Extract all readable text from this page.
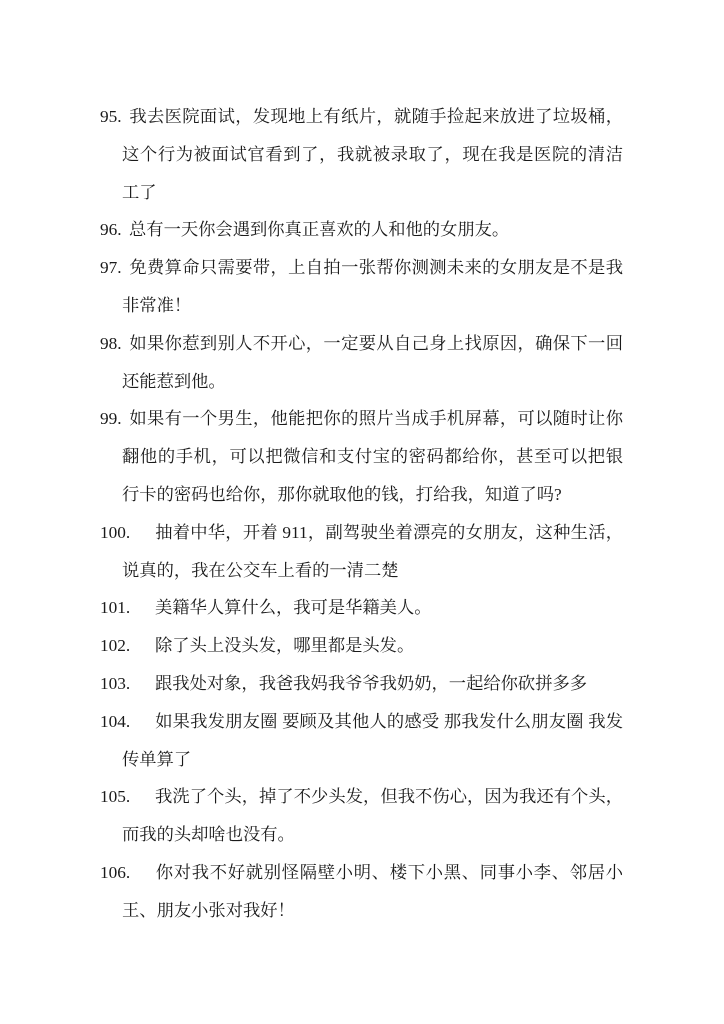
95. 我去医院面试，发现地上有纸片，就随手捡起来放进了垃圾桶，这个行为被面试官看到了，我就被录取了，现在我是医院的清洁工了
96. 总有一天你会遇到你真正喜欢的人和他的女朋友。
97. 免费算命只需要带，上自拍一张帮你测测未来的女朋友是不是我非常准！
98. 如果你惹到别人不开心，一定要从自己身上找原因，确保下一回还能惹到他。
99. 如果有一个男生，他能把你的照片当成手机屏幕，可以随时让你翻他的手机，可以把微信和支付宝的密码都给你，甚至可以把银行卡的密码也给你，那你就取他的钱，打给我，知道了吗?
100. 抽着中华，开着 911，副驾驶坐着漂亮的女朋友，这种生活，说真的，我在公交车上看的一清二楚
101. 美籍华人算什么，我可是华籍美人。
102. 除了头上没头发，哪里都是头发。
103. 跟我处对象，我爸我妈我爷爷我奶奶，一起给你砍拼多多
104. 如果我发朋友圈 要顾及其他人的感受 那我发什么朋友圈 我发传单算了
105. 我洗了个头，掉了不少头发，但我不伤心，因为我还有个头，而我的头却啥也没有。
106. 你对我不好就别怪隔壁小明、楼下小黑、同事小李、邻居小王、朋友小张对我好！
